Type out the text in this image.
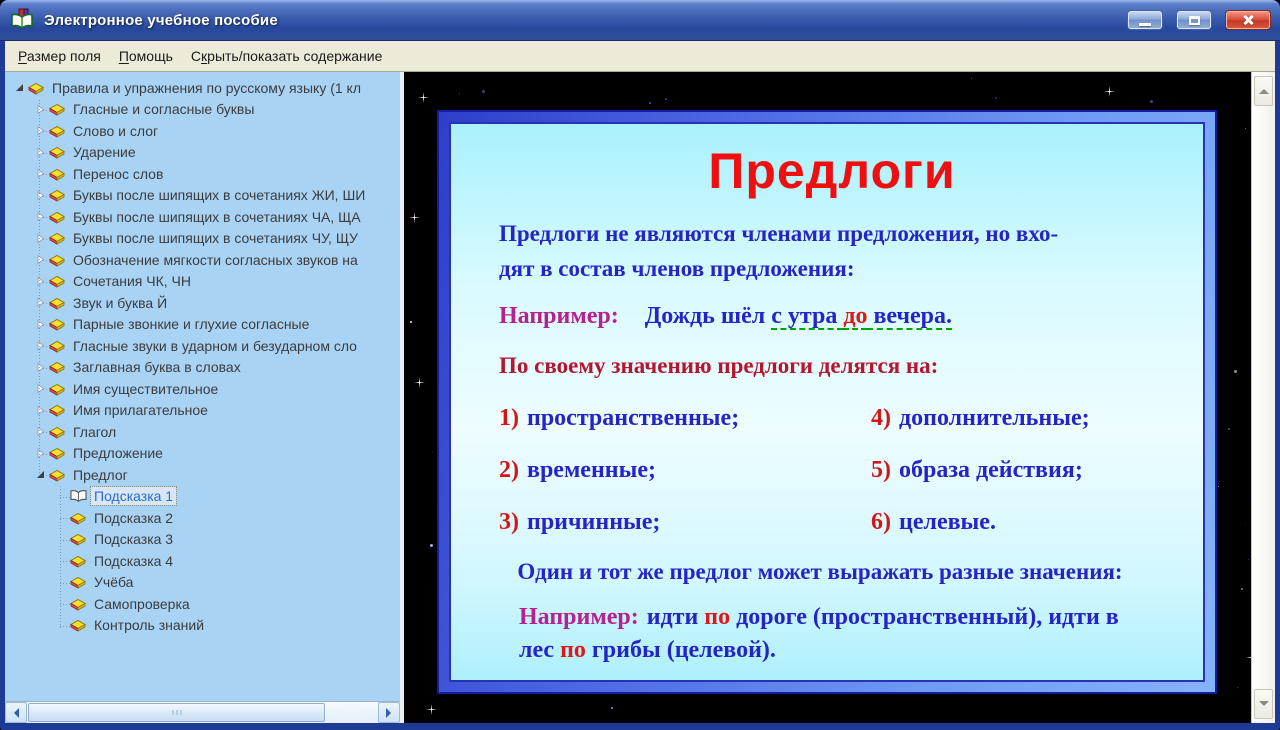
Электронное учебное пособие
Размер поля	Помощь	Скрыть/показать содержание
Правила и упражнения по русскому языку (1 кл
Гласные и согласные буквы
Слово и слог
Ударение
Перенос слов
Буквы после шипящих в сочетаниях ЖИ, ШИ
Буквы после шипящих в сочетаниях ЧА, ЩА
Буквы после шипящих в сочетаниях ЧУ, ЩУ
Обозначение мягкости согласных звуков на
Сочетания ЧК, ЧН
Звук и буква Й
Парные звонкие и глухие согласные
Гласные звуки в ударном и безударном сло
Заглавная буква в словах
Имя существительное
Имя прилагательное
Глагол
Предложение
Предлог
Подсказка 1
Подсказка 2
Подсказка 3
Подсказка 4
Учёба
Самопроверка
Контроль знаний
Предлоги

Предлоги не являются членами предложения, но вхо-
дят в состав членов предложения:

Например: Дождь шёл с утра до вечера.

По своему значению предлоги делятся на:

1) пространственные;
2) временные;
3) причинные;
4) дополнительные;
5) образа действия;
6) целевые.

Один и тот же предлог может выражать разные значения:

Например: идти по дороге (пространственный), идти в
лес по грибы (целевой).
